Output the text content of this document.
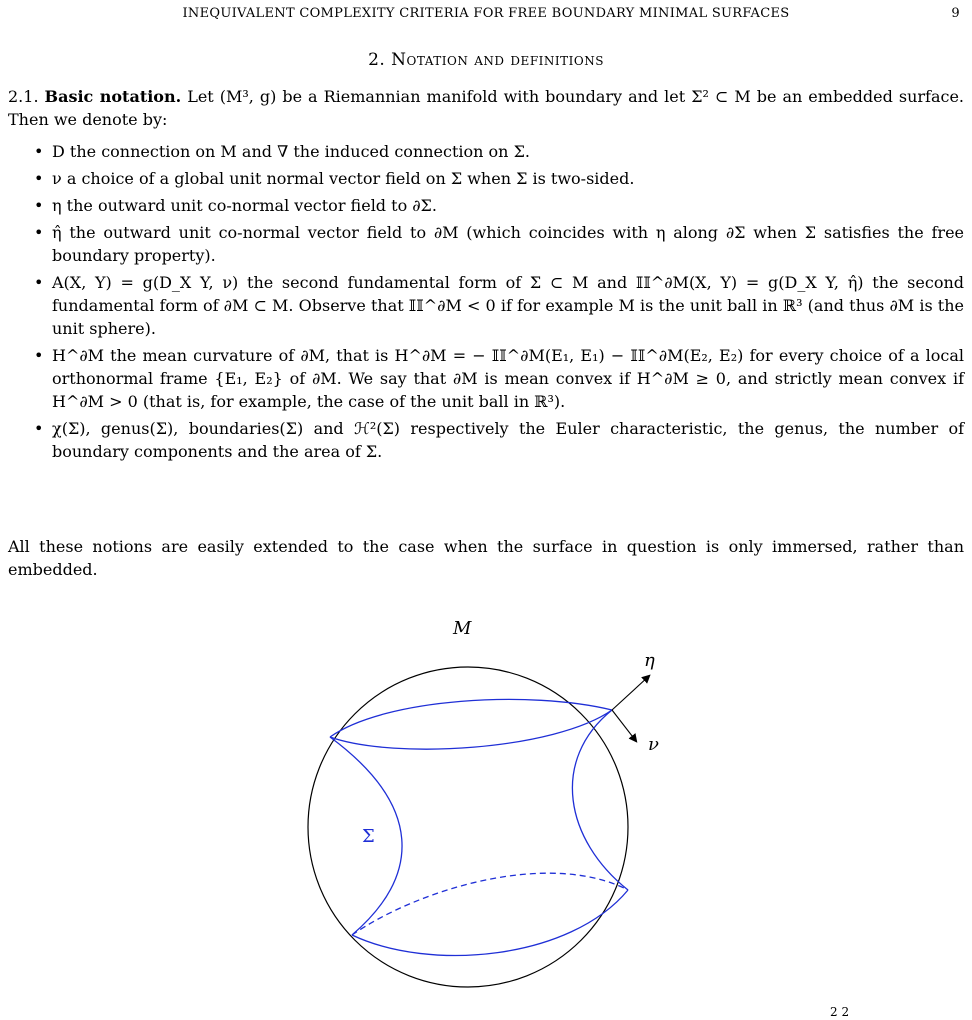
INEQUIVALENT COMPLEXITY CRITERIA FOR FREE BOUNDARY MINIMAL SURFACES	9
2. Notation and definitions
2.1. Basic notation. Let (M³, g) be a Riemannian manifold with boundary and let Σ² ⊂ M be an embedded surface. Then we denote by:
• D the connection on M and ∇ the induced connection on Σ.
• ν a choice of a global unit normal vector field on Σ when Σ is two-sided.
• η the outward unit co-normal vector field to ∂Σ.
• η̂ the outward unit co-normal vector field to ∂M (which coincides with η along ∂Σ when Σ satisfies the free boundary property).
• A(X, Y) = g(D_X Y, ν) the second fundamental form of Σ ⊂ M and 𝕀𝕀^∂M(X, Y) = g(D_X Y, η̂) the second fundamental form of ∂M ⊂ M. Observe that 𝕀𝕀^∂M < 0 if for example M is the unit ball in ℝ³ (and thus ∂M is the unit sphere).
• H^∂M the mean curvature of ∂M, that is H^∂M = − 𝕀𝕀^∂M(E₁, E₁) − 𝕀𝕀^∂M(E₂, E₂) for every choice of a local orthonormal frame {E₁, E₂} of ∂M. We say that ∂M is mean convex if H^∂M ≥ 0, and strictly mean convex if H^∂M > 0 (that is, for example, the case of the unit ball in ℝ³).
• χ(Σ), genus(Σ), boundaries(Σ) and ℋ²(Σ) respectively the Euler characteristic, the genus, the number of boundary components and the area of Σ.
All these notions are easily extended to the case when the surface in question is only immersed, rather than embedded.
M
η
ν
Σ
2 2
